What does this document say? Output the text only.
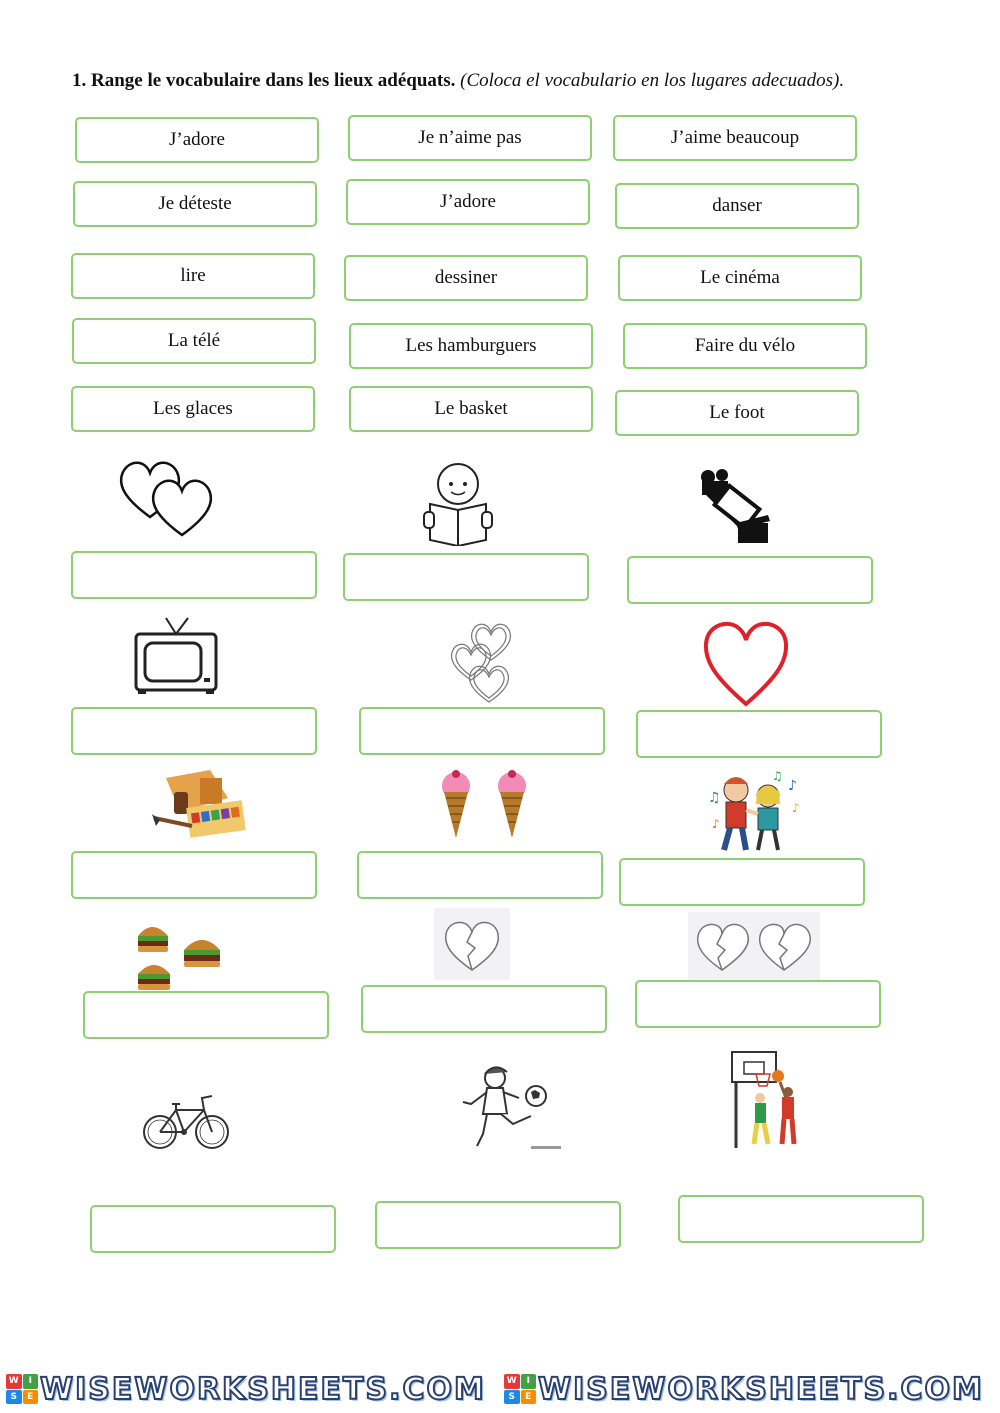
1. Range le vocabulaire dans les lieux adéquats. (Coloca el vocabulario en los lugares adecuados).
J’adore	Je n’aime pas	J’aime beaucoup
Je déteste	J’adore	danser
lire	dessiner	Le cinéma
La télé	Les hamburguers	Faire du vélo
Les glaces	Le basket	Le foot
♫
♪
♫
♪
♪
W	I
S	E WISEWORKSHEETS.COM	W	I
S	E WISEWORKSHEETS.COM
